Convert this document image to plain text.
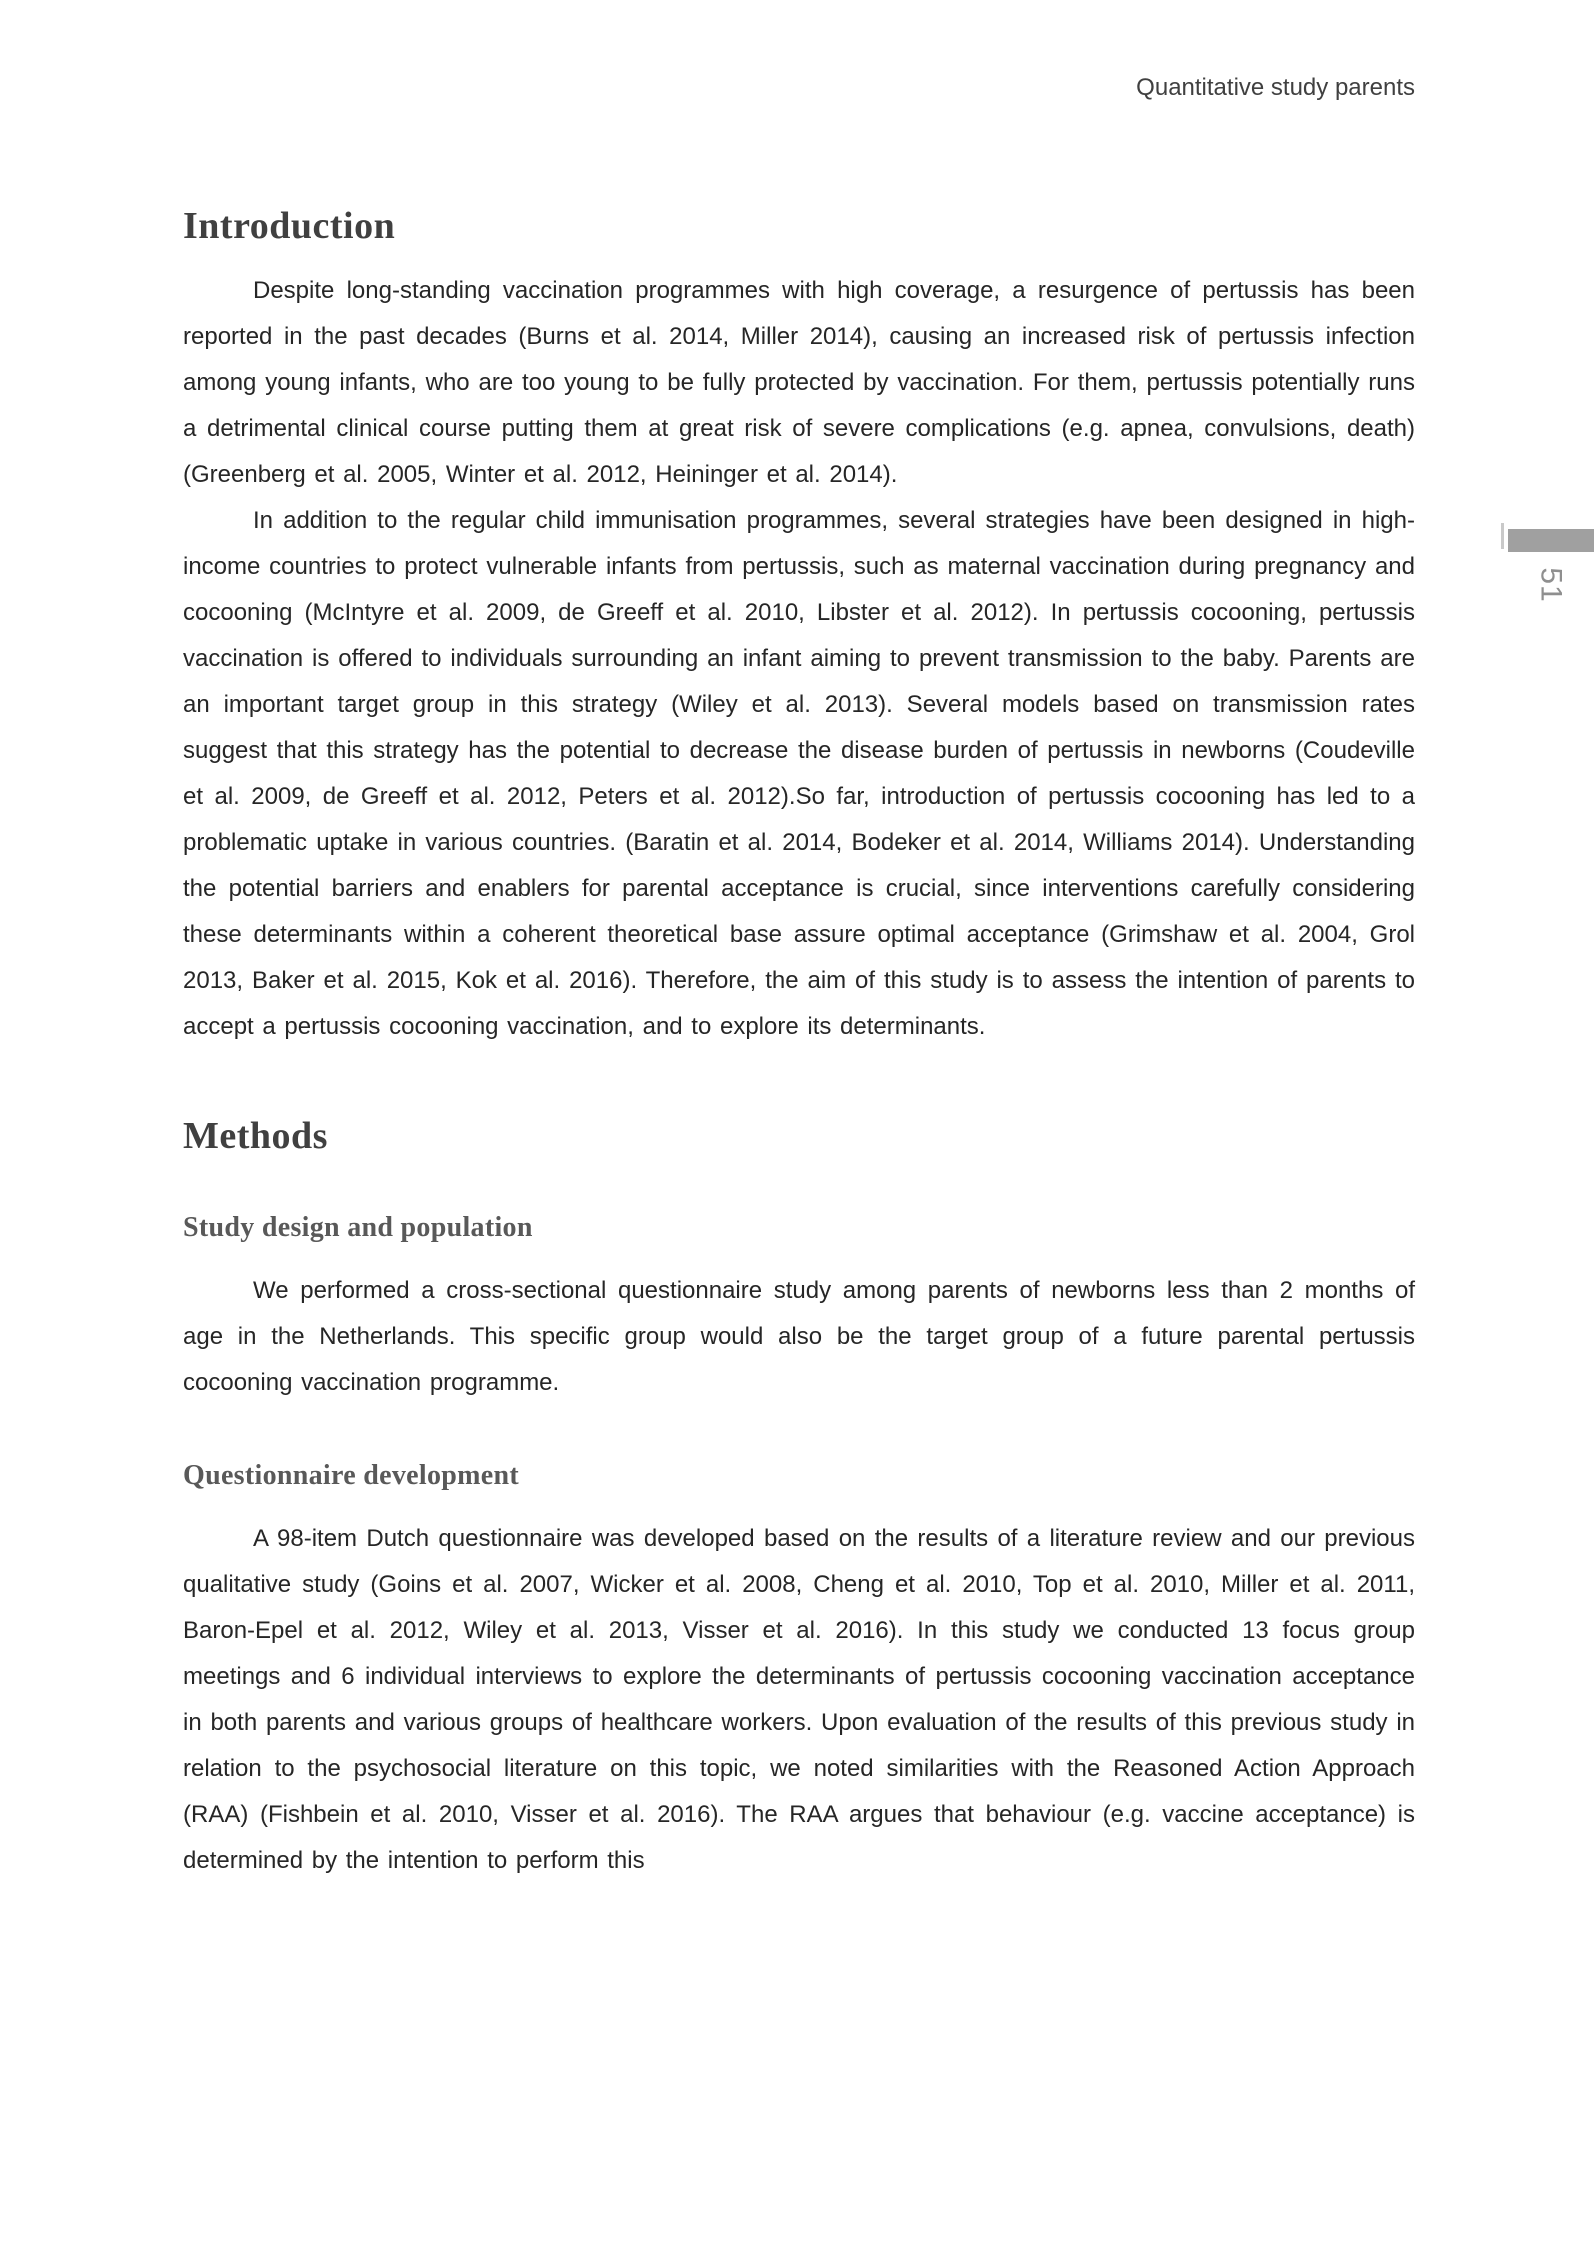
Quantitative study parents
51
Introduction

Despite long-standing vaccination programmes with high coverage, a resurgence of pertussis has been reported in the past decades (Burns et al. 2014, Miller 2014), causing an increased risk of pertussis infection among young infants, who are too young to be fully protected by vaccination. For them, pertussis potentially runs a detrimental clinical course putting them at great risk of severe complications (e.g. apnea, convulsions, death) (Greenberg et al. 2005, Winter et al. 2012, Heininger et al. 2014).

In addition to the regular child immunisation programmes, several strategies have been designed in high-income countries to protect vulnerable infants from pertussis, such as maternal vaccination during pregnancy and cocooning (McIntyre et al. 2009, de Greeff et al. 2010, Libster et al. 2012). In pertussis cocooning, pertussis vaccination is offered to individuals surrounding an infant aiming to prevent transmission to the baby. Parents are an important target group in this strategy (Wiley et al. 2013). Several models based on transmission rates suggest that this strategy has the potential to decrease the disease burden of pertussis in newborns (Coudeville et al. 2009, de Greeff et al. 2012, Peters et al. 2012).So far, introduction of pertussis cocooning has led to a problematic uptake in various countries. (Baratin et al. 2014, Bodeker et al. 2014, Williams 2014). Understanding the potential barriers and enablers for parental acceptance is crucial, since interventions carefully considering these determinants within a coherent theoretical base assure optimal acceptance (Grimshaw et al. 2004, Grol 2013, Baker et al. 2015, Kok et al. 2016). Therefore, the aim of this study is to assess the intention of parents to accept a pertussis cocooning vaccination, and to explore its determinants.

Methods
Study design and population

We performed a cross-sectional questionnaire study among parents of newborns less than 2 months of age in the Netherlands. This specific group would also be the target group of a future parental pertussis cocooning vaccination programme.

Questionnaire development

A 98-item Dutch questionnaire was developed based on the results of a literature review and our previous qualitative study (Goins et al. 2007, Wicker et al. 2008, Cheng et al. 2010, Top et al. 2010, Miller et al. 2011, Baron-Epel et al. 2012, Wiley et al. 2013, Visser et al. 2016). In this study we conducted 13 focus group meetings and 6 individual interviews to explore the determinants of pertussis cocooning vaccination acceptance in both parents and various groups of healthcare workers. Upon evaluation of the results of this previous study in relation to the psychosocial literature on this topic, we noted similarities with the Reasoned Action Approach (RAA) (Fishbein et al. 2010, Visser et al. 2016). The RAA argues that behaviour (e.g. vaccine acceptance) is determined by the intention to perform this
